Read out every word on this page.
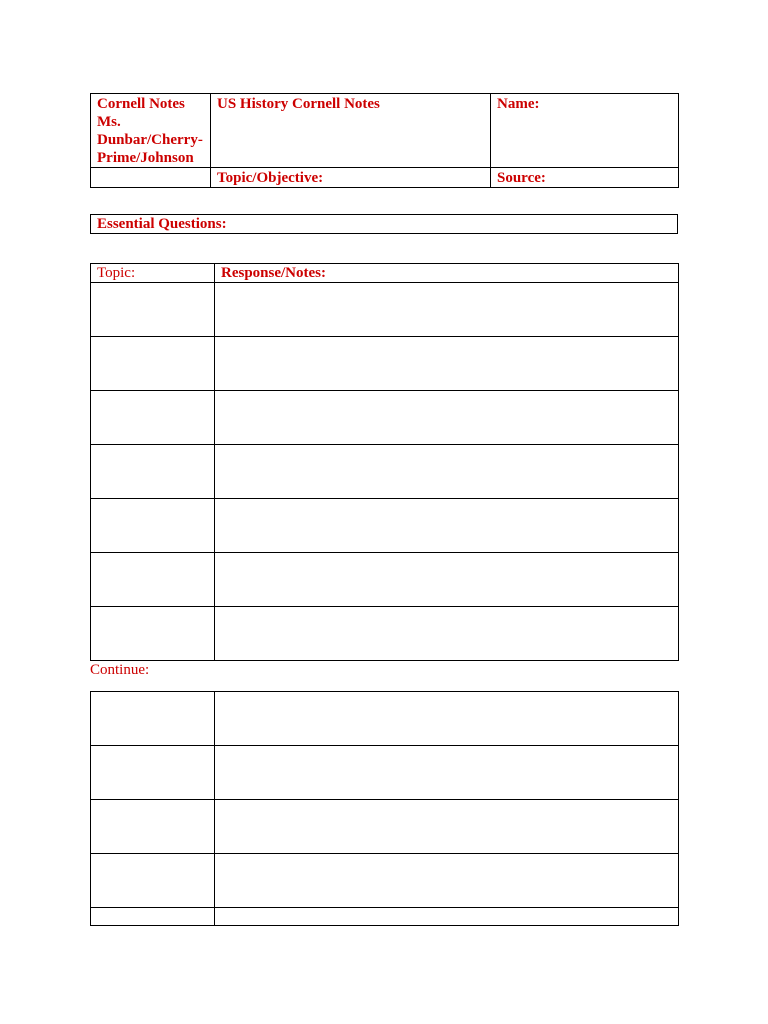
Cornell Notes
Ms.
Dunbar/Cherry-
Prime/Johnson	US History Cornell Notes	Name:
	Topic/Objective:	Source:
Essential Questions:
Topic:	Response/Notes:

Continue:
